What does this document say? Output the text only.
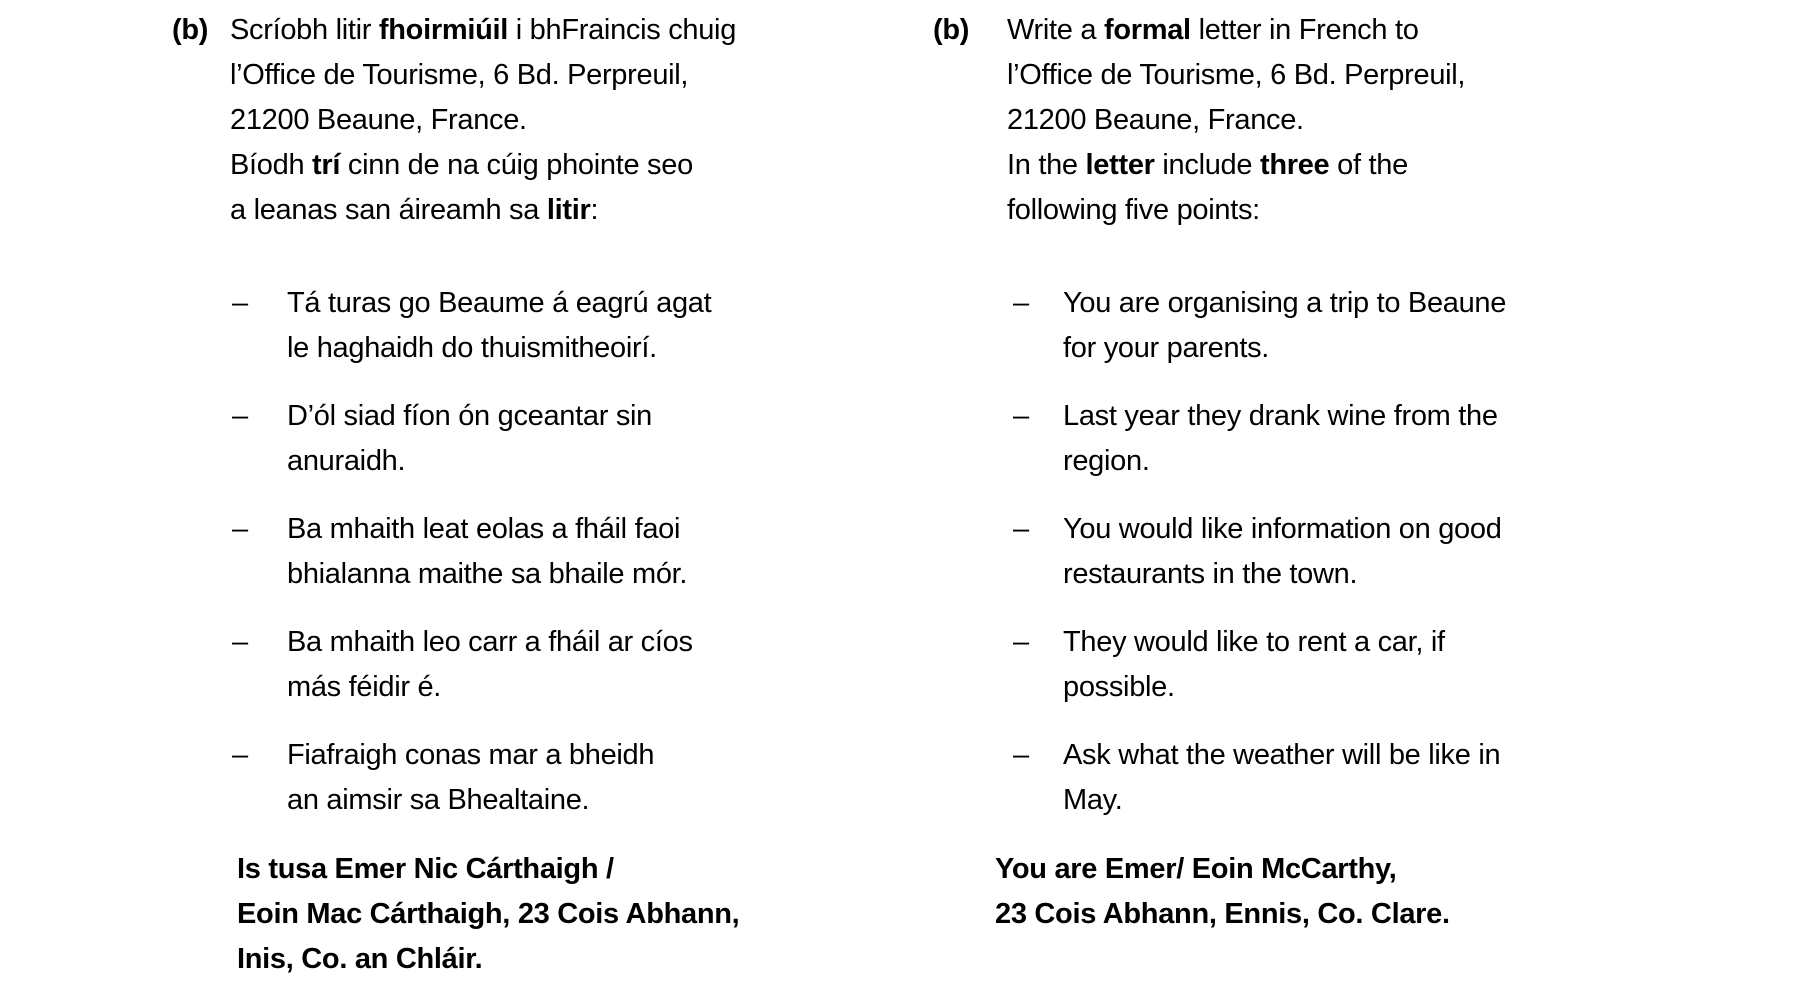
(b) Scríobh litir fhoirmiúil i bhFraincis chuig
l’Office de Tourisme, 6 Bd. Perpreuil,
21200 Beaune, France.
Bíodh trí cinn de na cúig phointe seo
a leanas san áireamh sa litir:
–	Tá turas go Beaume á eagrú agat
le haghaidh do thuismitheoirí.
–	D’ól siad fíon ón gceantar sin
anuraidh.
–	Ba mhaith leat eolas a fháil faoi
bhialanna maithe sa bhaile mór.
–	Ba mhaith leo carr a fháil ar cíos
más féidir é.
–	Fiafraigh conas mar a bheidh
an aimsir sa Bhealtaine.
Is tusa Emer Nic Cárthaigh /
Eoin Mac Cárthaigh, 23 Cois Abhann,
Inis, Co. an Chláir.
(b)	Write a formal letter in French to
l’Office de Tourisme, 6 Bd. Perpreuil,
21200 Beaune, France.
In the letter include three of the
following five points:
–	You are organising a trip to Beaune
for your parents.
–	Last year they drank wine from the
region.
–	You would like information on good
restaurants in the town.
–	They would like to rent a car, if
possible.
–	Ask what the weather will be like in
May.
You are Emer/ Eoin McCarthy,
23 Cois Abhann, Ennis, Co. Clare.
